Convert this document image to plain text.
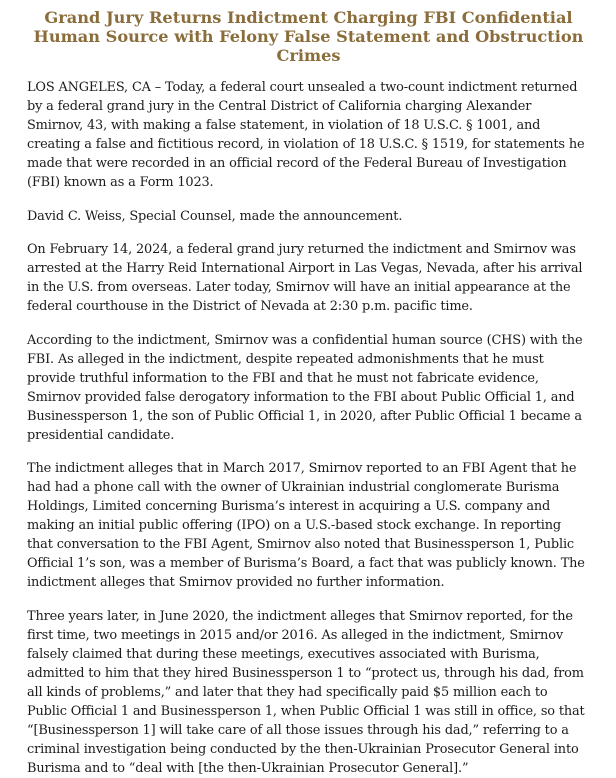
Grand Jury Returns Indictment Charging FBI Confidential Human Source with Felony False Statement and Obstruction Crimes

LOS ANGELES, CA – Today, a federal court unsealed a two-count indictment returned by a federal grand jury in the Central District of California charging Alexander Smirnov, 43, with making a false statement, in violation of 18 U.S.C. § 1001, and creating a false and fictitious record, in violation of 18 U.S.C. § 1519, for statements he made that were recorded in an official record of the Federal Bureau of Investigation (FBI) known as a Form 1023.

David C. Weiss, Special Counsel, made the announcement.

On February 14, 2024, a federal grand jury returned the indictment and Smirnov was arrested at the Harry Reid International Airport in Las Vegas, Nevada, after his arrival in the U.S. from overseas. Later today, Smirnov will have an initial appearance at the federal courthouse in the District of Nevada at 2:30 p.m. pacific time.

According to the indictment, Smirnov was a confidential human source (CHS) with the FBI. As alleged in the indictment, despite repeated admonishments that he must provide truthful information to the FBI and that he must not fabricate evidence, Smirnov provided false derogatory information to the FBI about Public Official 1, and Businessperson 1, the son of Public Official 1, in 2020, after Public Official 1 became a presidential candidate.

The indictment alleges that in March 2017, Smirnov reported to an FBI Agent that he had had a phone call with the owner of Ukrainian industrial conglomerate Burisma Holdings, Limited concerning Burisma’s interest in acquiring a U.S. company and making an initial public offering (IPO) on a U.S.-based stock exchange. In reporting that conversation to the FBI Agent, Smirnov also noted that Businessperson 1, Public Official 1’s son, was a member of Burisma’s Board, a fact that was publicly known. The indictment alleges that Smirnov provided no further information.

Three years later, in June 2020, the indictment alleges that Smirnov reported, for the first time, two meetings in 2015 and/or 2016. As alleged in the indictment, Smirnov falsely claimed that during these meetings, executives associated with Burisma, admitted to him that they hired Businessperson 1 to “protect us, through his dad, from all kinds of problems,” and later that they had specifically paid $5 million each to Public Official 1 and Businessperson 1, when Public Official 1 was still in office, so that “[Businessperson 1] will take care of all those issues through his dad,” referring to a criminal investigation being conducted by the then-Ukrainian Prosecutor General into Burisma and to “deal with [the then-Ukrainian Prosecutor General].”
